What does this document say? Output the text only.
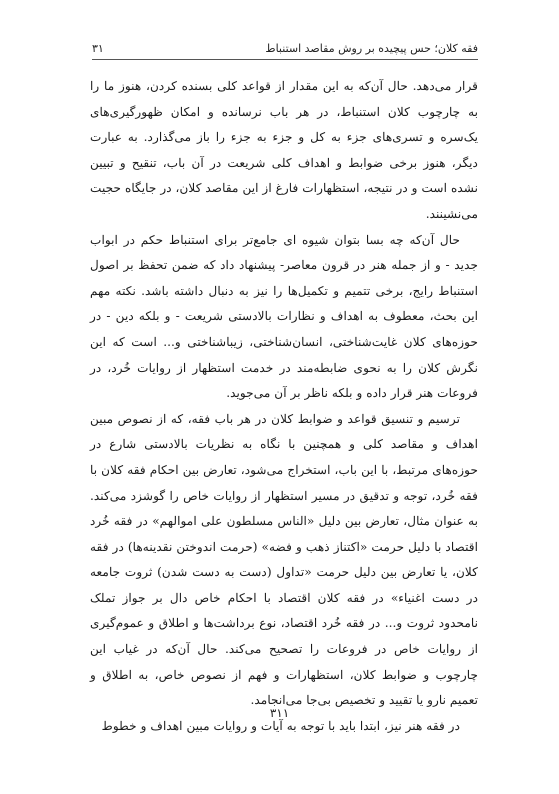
فقه کلان؛ حس پیچیده بر روش مقاصد استنباط
۳۱

قرار می‌دهد. حال آن‌که به این مقدار از قواعد کلی بسنده کردن، هنوز ما را به چارچوب کلان استنباط، در هر باب نرسانده و امکان ظهورگیری‌های یک‌سره و تسری‌های جزء به کل و جزء به جزء را باز می‌گذارد. به عبارت دیگر، هنوز برخی ضوابط و اهداف کلی شریعت در آن باب، تنقیح و تبیین نشده است و در نتیجه، استظهارات فارغ از این مقاصد کلان، در جایگاه حجیت می‌نشینند.

حال آن‌که چه بسا بتوان شیوه ای جامع‌تر برای استنباط حکم در ابواب جدید - و از جمله هنر در قرون معاصر- پیشنهاد داد که ضمن تحفظ بر اصول استنباط رایج، برخی تتمیم و تکمیل‌ها را نیز به دنبال داشته باشد. نکته مهم این بحث، معطوف به اهداف و نظارات بالادستی شریعت - و بلکه دین - در حوزه‌های کلان غایت‌شناختی، انسان‌شناختی، زیبا‌شناختی و... است که این نگرش کلان را به نحوی ضابطه‌مند در خدمت استظهار از روایات خُرد، در فروعات هنر قرار داده و بلکه ناظر بر آن می‌جوید.

ترسیم و تنسیق قواعد و ضوابط کلان در هر باب فقه، که از نصوص مبین اهداف و مقاصد کلی و همچنین با نگاه به نظریات بالادستی شارع در حوزه‌های مرتبط، با این باب، استخراج می‌شود، تعارض بین احکام فقه کلان با فقه خُرد، توجه و تدقیق در مسیر استظهار از روایات خاص را گوشزد می‌کند. به عنوان مثال، تعارض بین دلیل «الناس مسلطون علی اموالهم» در فقه خُرد اقتصاد با دلیل حرمت «اکتناز ذهب و فضه» (حرمت اندوختن نقدینه‌ها) در فقه کلان، یا تعارض بین دلیل حرمت «تداول (دست به دست شدن) ثروت جامعه در دست اغنیاء» در فقه کلان اقتصاد با احکام خاص دال بر جواز تملک نامحدود ثروت و... در فقه خُرد اقتصاد، نوع برداشت‌ها و اطلاق و عموم‌گیری از روایات خاص در فروعات را تصحیح می‌کند. حال آن‌که در غیاب این چارچوب و ضوابط کلان، استظهارات و فهم از نصوص خاص، به اطلاق و تعمیم نارو یا تقیید و تخصیص بی‌جا می‌انجامد.

در فقه هنر نیز، ابتدا باید با توجه به آیات و روایات مبین اهداف و خطوط

۳۱۱
